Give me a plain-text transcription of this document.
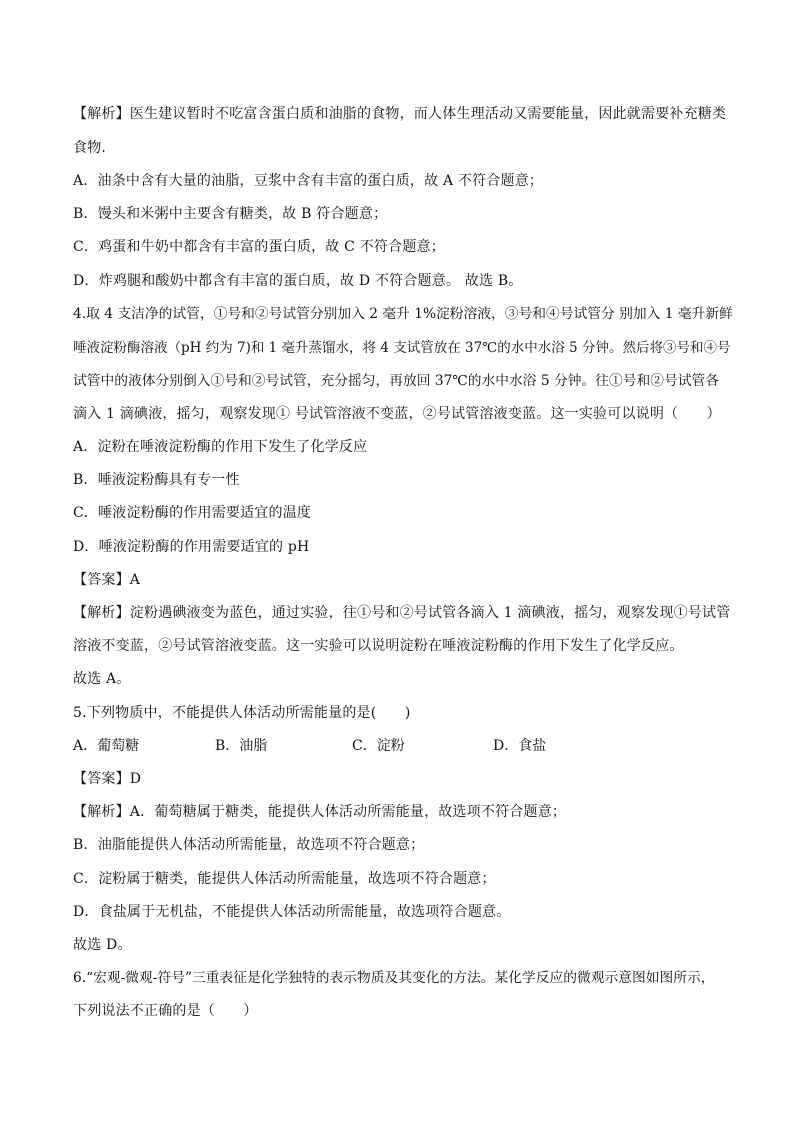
【解析】医生建议暂时不吃富含蛋白质和油脂的食物，而人体生理活动又需要能量，因此就需要补充糖类
食物．
A．油条中含有大量的油脂，豆浆中含有丰富的蛋白质，故 A 不符合题意；
B．馒头和米粥中主要含有糖类，故 B 符合题意；
C．鸡蛋和牛奶中都含有丰富的蛋白质，故 C 不符合题意；
D．炸鸡腿和酸奶中都含有丰富的蛋白质，故 D 不符合题意。 故选 B。
4.取 4 支洁净的试管，①号和②号试管分别加入 2 毫升 1%淀粉溶液，③号和④号试管分 别加入 1 毫升新鲜
唾液淀粉酶溶液（pH 约为 7)和 1 毫升蒸馏水，将 4 支试管放在 37℃的水中水浴 5 分钟。然后将③号和④号
试管中的液体分别倒入①号和②号试管，充分摇匀，再放回 37℃的水中水浴 5 分钟。往①号和②号试管各
滴入 1 滴碘液，摇匀，观察发现① 号试管溶液不变蓝，②号试管溶液变蓝。这一实验可以说明（　　）
A．淀粉在唾液淀粉酶的作用下发生了化学反应
B．唾液淀粉酶具有专一性
C．唾液淀粉酶的作用需要适宜的温度
D．唾液淀粉酶的作用需要适宜的 pH
【答案】A
【解析】淀粉遇碘液变为蓝色，通过实验，往①号和②号试管各滴入 1 滴碘液，摇匀，观察发现①号试管
溶液不变蓝，②号试管溶液变蓝。这一实验可以说明淀粉在唾液淀粉酶的作用下发生了化学反应。
故选 A。
5.下列物质中，不能提供人体活动所需能量的是(　　)
A．葡萄糖	B．油脂	C．淀粉	D．食盐
【答案】D
【解析】A．葡萄糖属于糖类，能提供人体活动所需能量，故选项不符合题意；
B．油脂能提供人体活动所需能量，故选项不符合题意；
C．淀粉属于糖类，能提供人体活动所需能量，故选项不符合题意；
D．食盐属于无机盐，不能提供人体活动所需能量，故选项符合题意。
故选 D。
6.“宏观-微观-符号”三重表征是化学独特的表示物质及其变化的方法。某化学反应的微观示意图如图所示，
下列说法不正确的是（　　）
